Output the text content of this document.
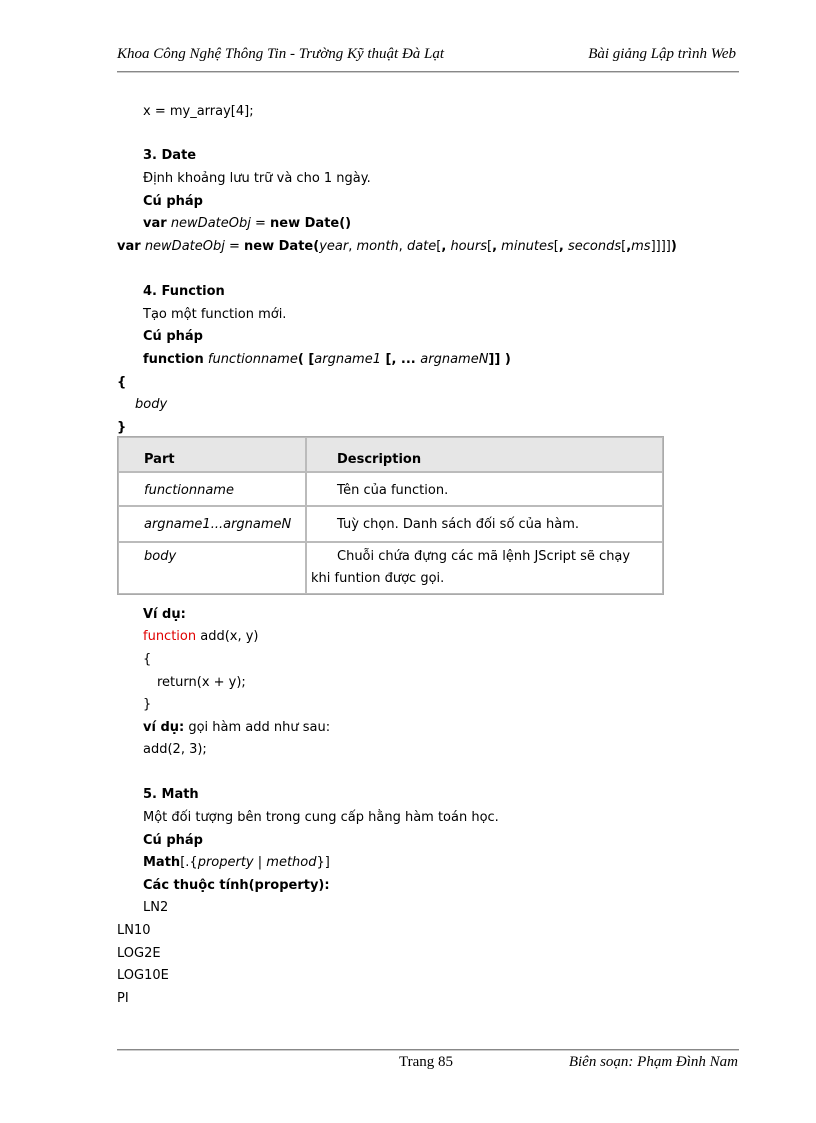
Khoa Công Nghệ Thông Tin - Trường Kỹ thuật Đà Lạt	Bài giảng Lập trình Web
x = my_array[4];
3. Date
Định khoảng lưu trữ và cho 1 ngày.
Cú pháp
var newDateObj = new Date()
var newDateObj = new Date(year, month, date[, hours[, minutes[, seconds[,ms]]]])
4. Function
Tạo một function mới.
Cú pháp
function functionname( [argname1 [, ... argnameN]] )
{
body
}
Part	Description

functionname	Tên của function.

argname1...argnameN	Tuỳ chọn. Danh sách đối số của hàm.

body	Chuỗi chứa đựng các mã lệnh JScript sẽ chạy khi funtion được gọi.
Ví dụ:
function add(x, y)
{
return(x + y);
}
ví dụ: gọi hàm add như sau:
add(2, 3);
5. Math
Một đối tượng bên trong cung cấp hằng hàm toán học.
Cú pháp
Math[.{property | method}]
Các thuộc tính(property):
LN2
LN10
LOG2E
LOG10E
PI
Trang 85	Biên soạn: Phạm Đình Nam
